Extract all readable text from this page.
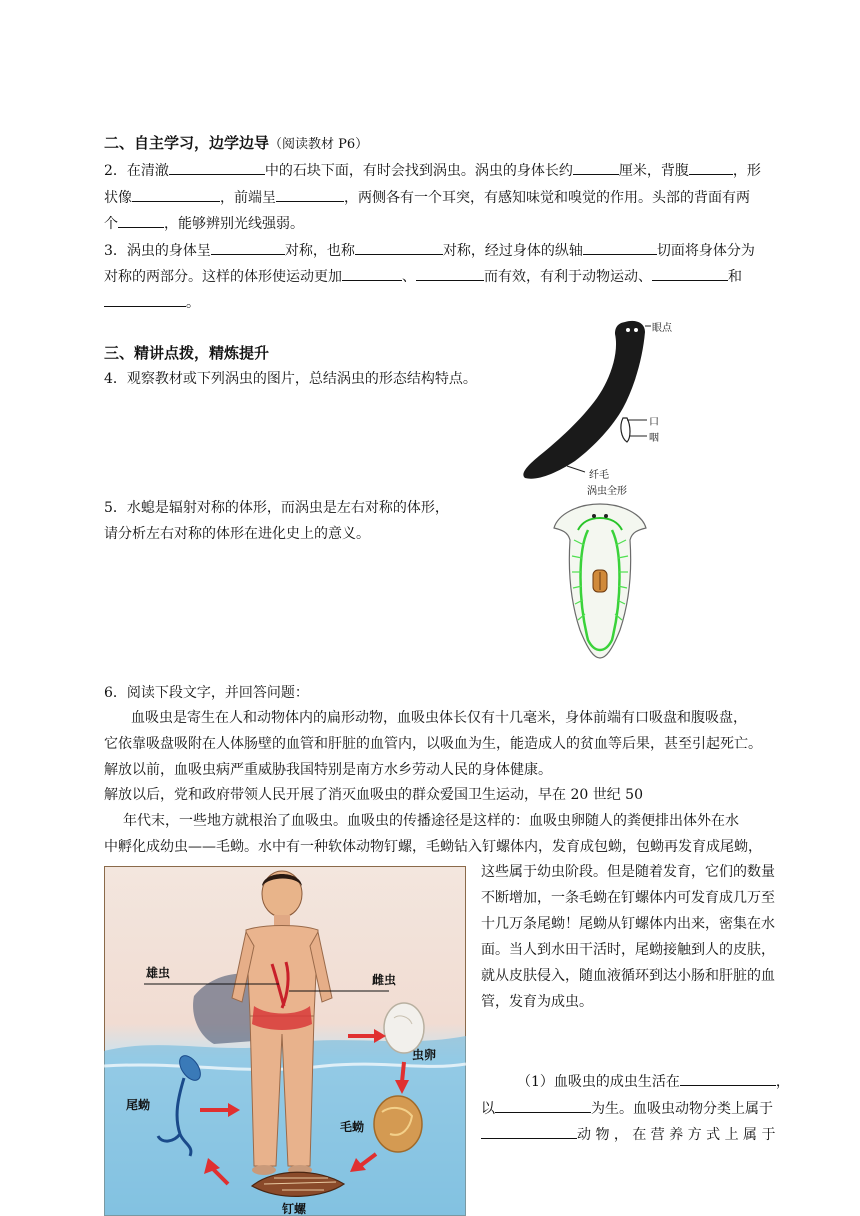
二、自主学习，边学边导（阅读教材 P6）
2．在清澈	中的石块下面，有时会找到涡虫。涡虫的身体长约	厘米，背腹	，形
状像	，前端呈	，两侧各有一个耳突，有感知味觉和嗅觉的作用。头部的背面有两
个	，能够辨别光线强弱。
3．涡虫的身体呈	对称，也称	对称，经过身体的纵轴	切面将身体分为
对称的两部分。这样的体形使运动更加	、	而有效，有利于动物运动、	和
。
三、精讲点拨，精炼提升
4．观察教材或下列涡虫的图片，总结涡虫的形态结构特点。
5．水螅是辐射对称的体形，而涡虫是左右对称的体形，
请分析左右对称的体形在进化史上的意义。
眼点
口
咽
纤毛
涡虫全形
6．阅读下段文字，并回答问题：
血吸虫是寄生在人和动物体内的扁形动物，血吸虫体长仅有十几毫米，身体前端有口吸盘和腹吸盘，
它依靠吸盘吸附在人体肠壁的血管和肝脏的血管内，以吸血为生，能造成人的贫血等后果，甚至引起死亡。
解放以前，血吸虫病严重威胁我国特别是南方水乡劳动人民的身体健康。
解放以后，党和政府带领人民开展了消灭血吸虫的群众爱国卫生运动，早在 20 世纪 50
年代末，一些地方就根治了血吸虫。血吸虫的传播途径是这样的：血吸虫卵随人的粪便排出体外在水
中孵化成幼虫——毛蚴。水中有一种软体动物钉螺，毛蚴钻入钉螺体内，发育成包蚴，包蚴再发育成尾蚴，
这些属于幼虫阶段。但是随着发育，它们的数量
不断增加，一条毛蚴在钉螺体内可发育成几万至
十几万条尾蚴！尾蚴从钉螺体内出来，密集在水
面。当人到水田干活时，尾蚴接触到人的皮肤，
就从皮肤侵入，随血液循环到达小肠和肝脏的血
管，发育为成虫。
（1）血吸虫的成虫生活在	，
以	为生。血吸虫动物分类上属于
动 物 ， 在 营 养 方 式 上 属 于
雄虫	雌虫
虫卵
毛蚴
尾蚴
钉螺
